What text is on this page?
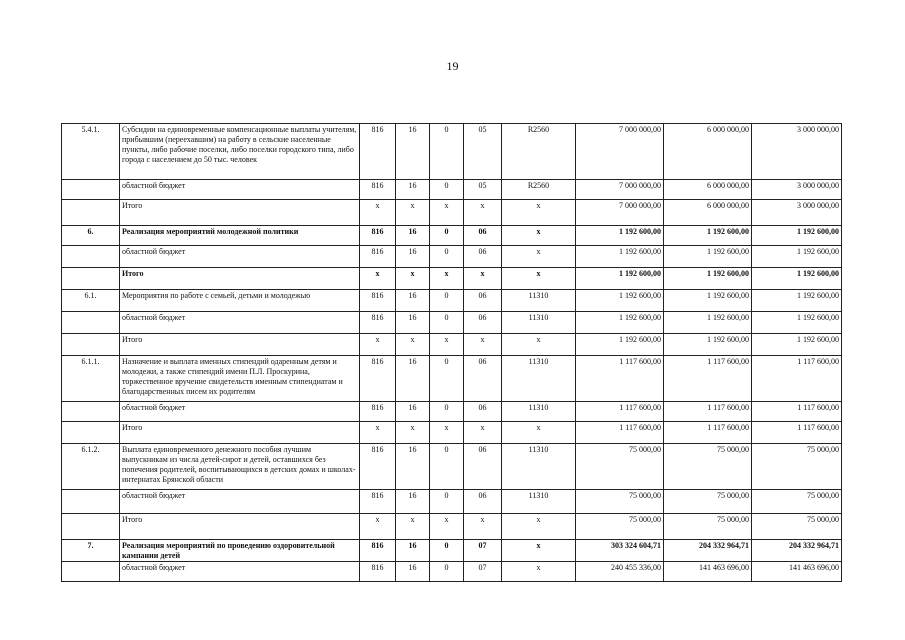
19
5.4.1.	Субсидии на единовременные компенсационные выплаты учителям, прибывшим (переехавшим) на работу в сельские населенные пункты, либо рабочие поселки, либо поселки городского типа, либо города с населением до 50 тыс. человек	816	16	0	05	R2560	7 000 000,00	6 000 000,00	3 000 000,00
	областной бюджет	816	16	0	05	R2560	7 000 000,00	6 000 000,00	3 000 000,00
	Итого	х	х	х	х	х	7 000 000,00	6 000 000,00	3 000 000,00
6.	Реализация мероприятий молодежной политики	816	16	0	06	х	1 192 600,00	1 192 600,00	1 192 600,00
	областной бюджет	816	16	0	06	х	1 192 600,00	1 192 600,00	1 192 600,00
	Итого	х	х	х	х	х	1 192 600,00	1 192 600,00	1 192 600,00
6.1.	Мероприятия по работе с семьей, детьми и молодежью	816	16	0	06	11310	1 192 600,00	1 192 600,00	1 192 600,00
	областной бюджет	816	16	0	06	11310	1 192 600,00	1 192 600,00	1 192 600,00
	Итого	х	х	х	х	х	1 192 600,00	1 192 600,00	1 192 600,00
6.1.1.	Назначение и выплата именных стипендий одаренным детям и молодежи, а также стипендий имени П.Л. Проскурина, торжественное вручение свидетельств именным стипендиатам и благодарственных писем их родителям	816	16	0	06	11310	1 117 600,00	1 117 600,00	1 117 600,00
	областной бюджет	816	16	0	06	11310	1 117 600,00	1 117 600,00	1 117 600,00
	Итого	х	х	х	х	х	1 117 600,00	1 117 600,00	1 117 600,00
6.1.2.	Выплата единовременного денежного пособия лучшим выпускникам из числа детей-сирот и детей, оставшихся без попечения родителей, воспитывающихся в детских домах и школах-интернатах Брянской области	816	16	0	06	11310	75 000,00	75 000,00	75 000,00
	областной бюджет	816	16	0	06	11310	75 000,00	75 000,00	75 000,00
	Итого	х	х	х	х	х	75 000,00	75 000,00	75 000,00
7.	Реализация мероприятий по проведению оздоровительной кампании детей	816	16	0	07	х	303 324 604,71	204 332 964,71	204 332 964,71
	областной бюджет	816	16	0	07	х	240 455 336,00	141 463 696,00	141 463 696,00
